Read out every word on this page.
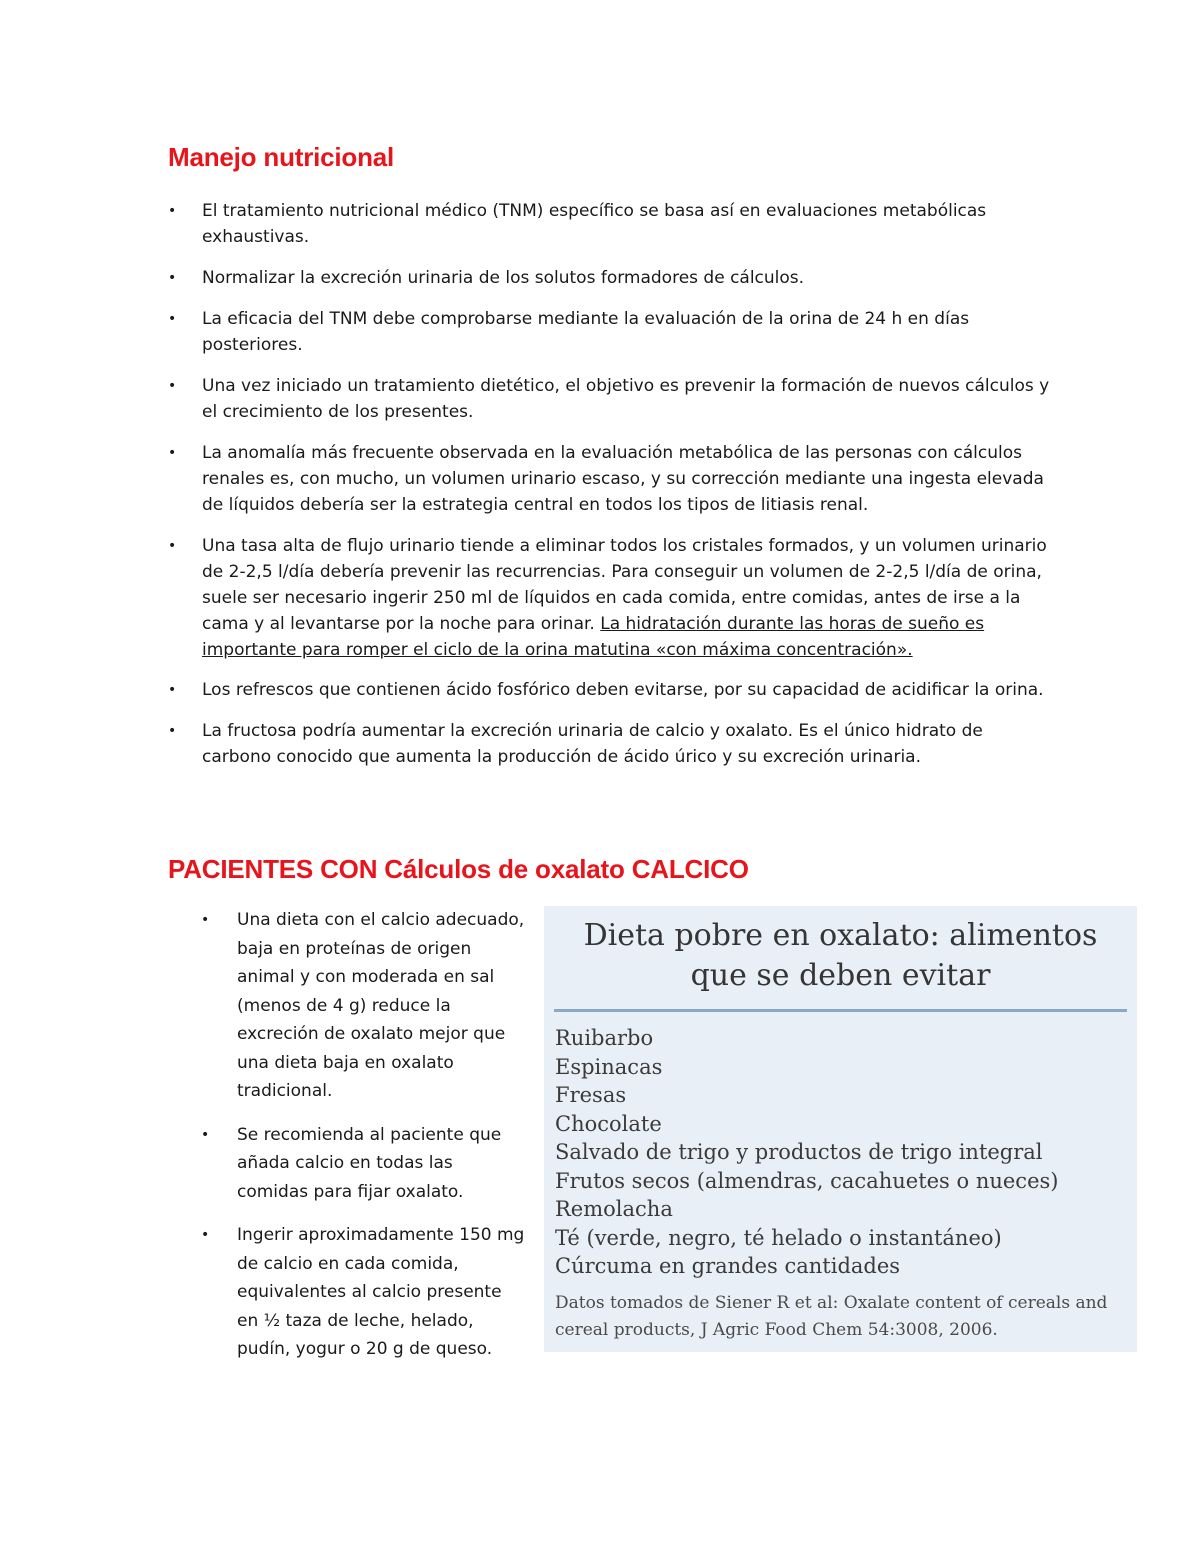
Manejo nutricional
• El tratamiento nutricional médico (TNM) específico se basa así en evaluaciones metabólicas exhaustivas.
• Normalizar la excreción urinaria de los solutos formadores de cálculos.
• La eficacia del TNM debe comprobarse mediante la evaluación de la orina de 24 h en días posteriores.
• Una vez iniciado un tratamiento dietético, el objetivo es prevenir la formación de nuevos cálculos y el crecimiento de los presentes.
• La anomalía más frecuente observada en la evaluación metabólica de las personas con cálculos renales es, con mucho, un volumen urinario escaso, y su corrección mediante una ingesta elevada de líquidos debería ser la estrategia central en todos los tipos de litiasis renal.
• Una tasa alta de flujo urinario tiende a eliminar todos los cristales formados, y un volumen urinario de 2-2,5 l/día debería prevenir las recurrencias. Para conseguir un volumen de 2-2,5 l/día de orina, suele ser necesario ingerir 250 ml de líquidos en cada comida, entre comidas, antes de irse a la cama y al levantarse por la noche para orinar. La hidratación durante las horas de sueño es importante para romper el ciclo de la orina matutina «con máxima concentración».
• Los refrescos que contienen ácido fosfórico deben evitarse, por su capacidad de acidificar la orina.
• La fructosa podría aumentar la excreción urinaria de calcio y oxalato. Es el único hidrato de carbono conocido que aumenta la producción de ácido úrico y su excreción urinaria.
PACIENTES CON Cálculos de oxalato CALCICO
• Una dieta con el calcio adecuado, baja en proteínas de origen animal y con moderada en sal (menos de 4 g) reduce la excreción de oxalato mejor que una dieta baja en oxalato tradicional.
• Se recomienda al paciente que añada calcio en todas las comidas para fijar oxalato.
• Ingerir aproximadamente 150 mg de calcio en cada comida, equivalentes al calcio presente en ½ taza de leche, helado, pudín, yogur o 20 g de queso.
Dieta pobre en oxalato: alimentos
que se deben evitar
Ruibarbo
Espinacas
Fresas
Chocolate
Salvado de trigo y productos de trigo integral
Frutos secos (almendras, cacahuetes o nueces)
Remolacha
Té (verde, negro, té helado o instantáneo)
Cúrcuma en grandes cantidades
Datos tomados de Siener R et al: Oxalate content of cereals and cereal products, J Agric Food Chem 54:3008, 2006.
